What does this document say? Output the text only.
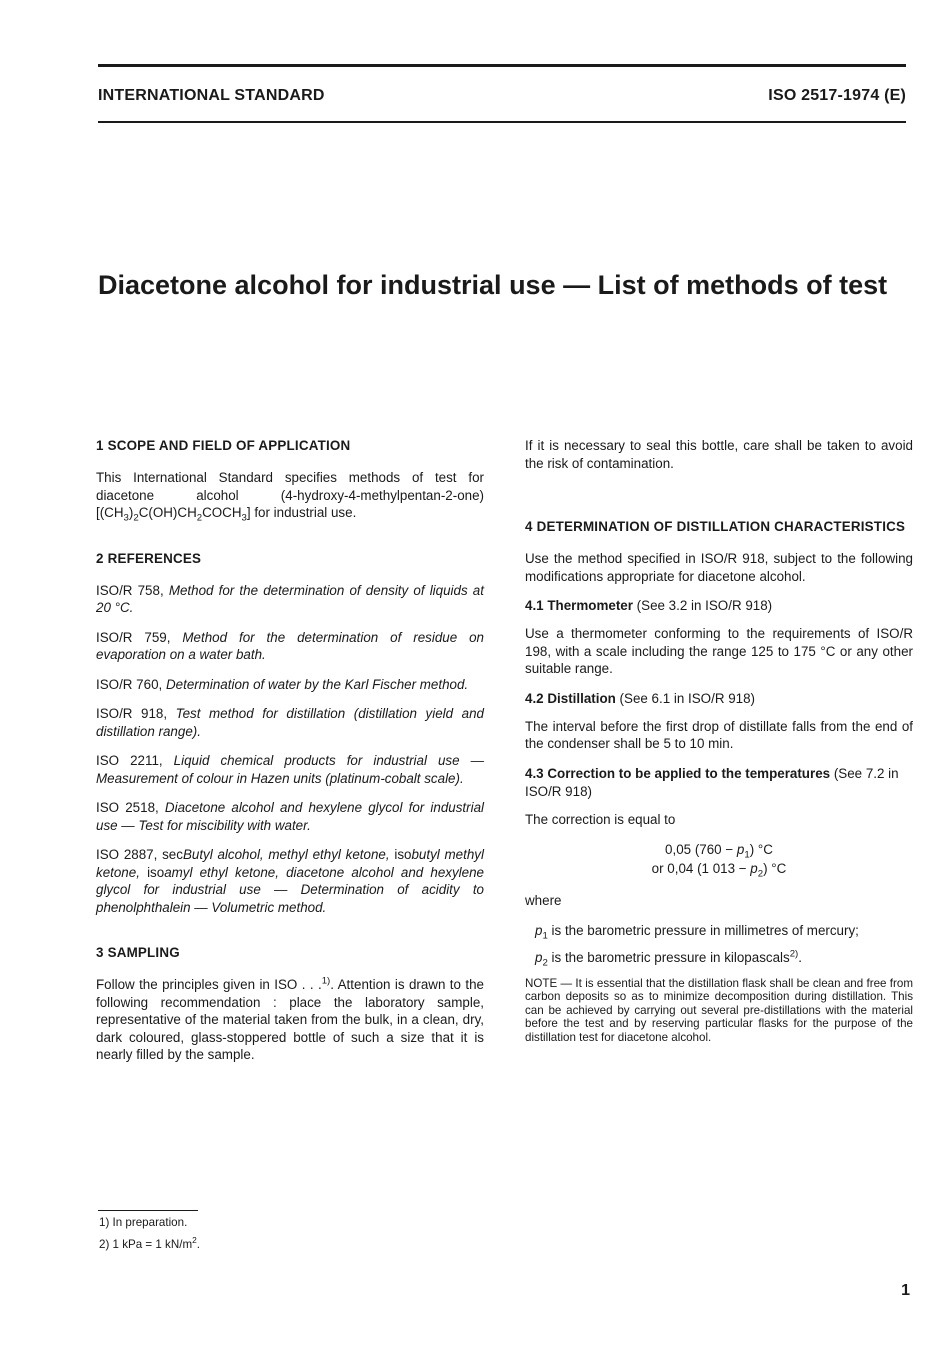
INTERNATIONAL STANDARD	ISO 2517-1974 (E)
Diacetone alcohol for industrial use — List of methods of test
1 SCOPE AND FIELD OF APPLICATION

This International Standard specifies methods of test for diacetone alcohol (4-hydroxy-4-methylpentan-2-one) $[(CH_3)_2C(OH)CH_2COCH_3]$ for industrial use.

2 REFERENCES

ISO/R 758, Method for the determination of density of liquids at 20 °C.

ISO/R 759, Method for the determination of residue on evaporation on a water bath.

ISO/R 760, Determination of water by the Karl Fischer method.

ISO/R 918, Test method for distillation (distillation yield and distillation range).

ISO 2211, Liquid chemical products for industrial use — Measurement of colour in Hazen units (platinum-cobalt scale).

ISO 2518, Diacetone alcohol and hexylene glycol for industrial use — Test for miscibility with water.

ISO 2887, secButyl alcohol, methyl ethyl ketone, isobutyl methyl ketone, isoamyl ethyl ketone, diacetone alcohol and hexylene glycol for industrial use — Determination of acidity to phenolphthalein — Volumetric method.

3 SAMPLING

Follow the principles given in ISO . . .$^{1)}$. Attention is drawn to the following recommendation : place the laboratory sample, representative of the material taken from the bulk, in a clean, dry, dark coloured, glass-stoppered bottle of such a size that it is nearly filled by the sample.

If it is necessary to seal this bottle, care shall be taken to avoid the risk of contamination.

4 DETERMINATION OF DISTILLATION CHARACTERISTICS

Use the method specified in ISO/R 918, subject to the following modifications appropriate for diacetone alcohol.

4.1 Thermometer (See 3.2 in ISO/R 918)

Use a thermometer conforming to the requirements of ISO/R 198, with a scale including the range 125 to 175 °C or any other suitable range.

4.2 Distillation (See 6.1 in ISO/R 918)

The interval before the first drop of distillate falls from the end of the condenser shall be 5 to 10 min.

4.3 Correction to be applied to the temperatures (See 7.2 in ISO/R 918)

The correction is equal to

0,05 $(760 - p_1)$ °C
or 0,04 (1 $013 - p_2$) °C

where

$p_1$ is the barometric pressure in millimetres of mercury;

$p_2$ is the barometric pressure in kilopascals$^{2)}$.

NOTE — It is essential that the distillation flask shall be clean and free from carbon deposits so as to minimize decomposition during distillation. This can be achieved by carrying out several pre-distillations with the material before the test and by reserving particular flasks for the purpose of the distillation test for diacetone alcohol.

1) In preparation.
2) 1 kPa = 1 $kN/m^2$.
1
